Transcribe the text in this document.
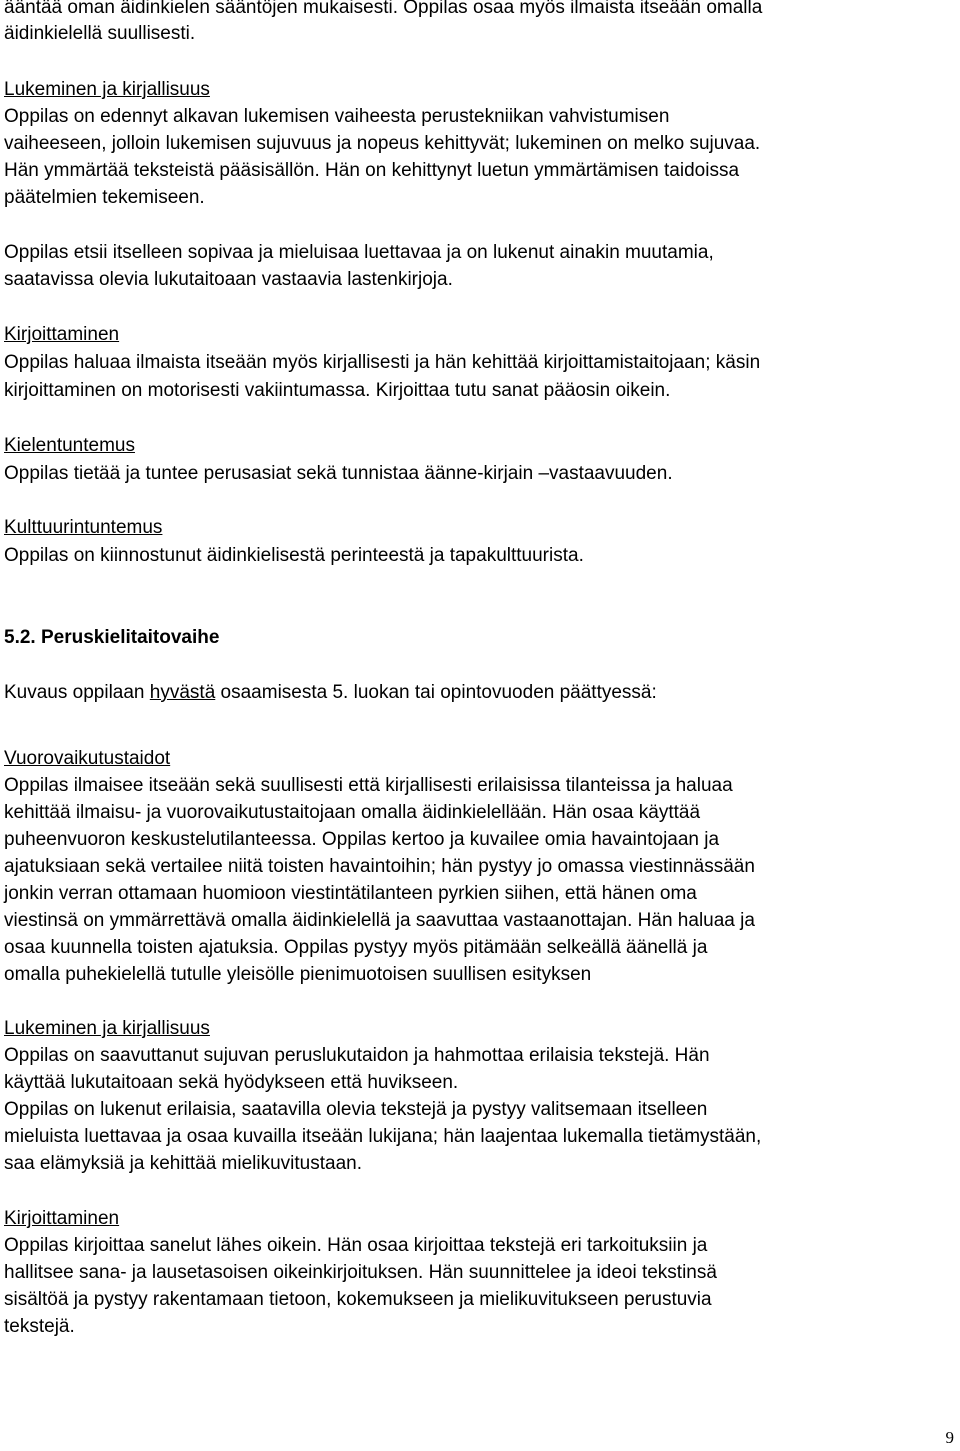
ääntää oman äidinkielen sääntöjen mukaisesti. Oppilas osaa myös ilmaista itseään omalla

äidinkielellä suullisesti.

Lukeminen ja kirjallisuus

Oppilas on edennyt alkavan lukemisen vaiheesta perustekniikan vahvistumisen

vaiheeseen, jolloin lukemisen sujuvuus ja nopeus kehittyvät; lukeminen on melko sujuvaa.

Hän ymmärtää teksteistä pääsisällön. Hän on kehittynyt luetun ymmärtämisen taidoissa

päätelmien tekemiseen.

Oppilas etsii itselleen sopivaa ja mieluisaa luettavaa ja on lukenut ainakin muutamia,

saatavissa olevia lukutaitoaan vastaavia lastenkirjoja.

Kirjoittaminen

Oppilas haluaa ilmaista itseään myös kirjallisesti ja hän kehittää kirjoittamistaitojaan; käsin

kirjoittaminen on motorisesti vakiintumassa. Kirjoittaa tutu sanat pääosin oikein.

Kielentuntemus

Oppilas tietää ja tuntee perusasiat sekä tunnistaa äänne-kirjain –vastaavuuden.

Kulttuurintuntemus

Oppilas on kiinnostunut äidinkielisestä perinteestä ja tapakulttuurista.

5.2. Peruskielitaitovaihe

Kuvaus oppilaan hyvästä osaamisesta 5. luokan tai opintovuoden päättyessä:

Vuorovaikutustaidot

Oppilas ilmaisee itseään sekä suullisesti että kirjallisesti erilaisissa tilanteissa ja haluaa

kehittää ilmaisu- ja vuorovaikutustaitojaan omalla äidinkielellään. Hän osaa käyttää

puheenvuoron keskustelutilanteessa. Oppilas kertoo ja kuvailee omia havaintojaan ja

ajatuksiaan sekä vertailee niitä toisten havaintoihin; hän pystyy jo omassa viestinnässään

jonkin verran ottamaan huomioon viestintätilanteen pyrkien siihen, että hänen oma

viestinsä on ymmärrettävä omalla äidinkielellä ja saavuttaa vastaanottajan. Hän haluaa ja

osaa kuunnella toisten ajatuksia. Oppilas pystyy myös pitämään selkeällä äänellä ja

omalla puhekielellä tutulle yleisölle pienimuotoisen suullisen esityksen

Lukeminen ja kirjallisuus

Oppilas on saavuttanut sujuvan peruslukutaidon ja hahmottaa erilaisia tekstejä. Hän

käyttää lukutaitoaan sekä hyödykseen että huvikseen.

Oppilas on lukenut erilaisia, saatavilla olevia tekstejä ja pystyy valitsemaan itselleen

mieluista luettavaa ja osaa kuvailla itseään lukijana; hän laajentaa lukemalla tietämystään,

saa elämyksiä ja kehittää mielikuvitustaan.

Kirjoittaminen

Oppilas kirjoittaa sanelut lähes oikein. Hän osaa kirjoittaa tekstejä eri tarkoituksiin ja

hallitsee sana- ja lausetasoisen oikeinkirjoituksen. Hän suunnittelee ja ideoi tekstinsä

sisältöä ja pystyy rakentamaan tietoon, kokemukseen ja mielikuvitukseen perustuvia

tekstejä.

9
